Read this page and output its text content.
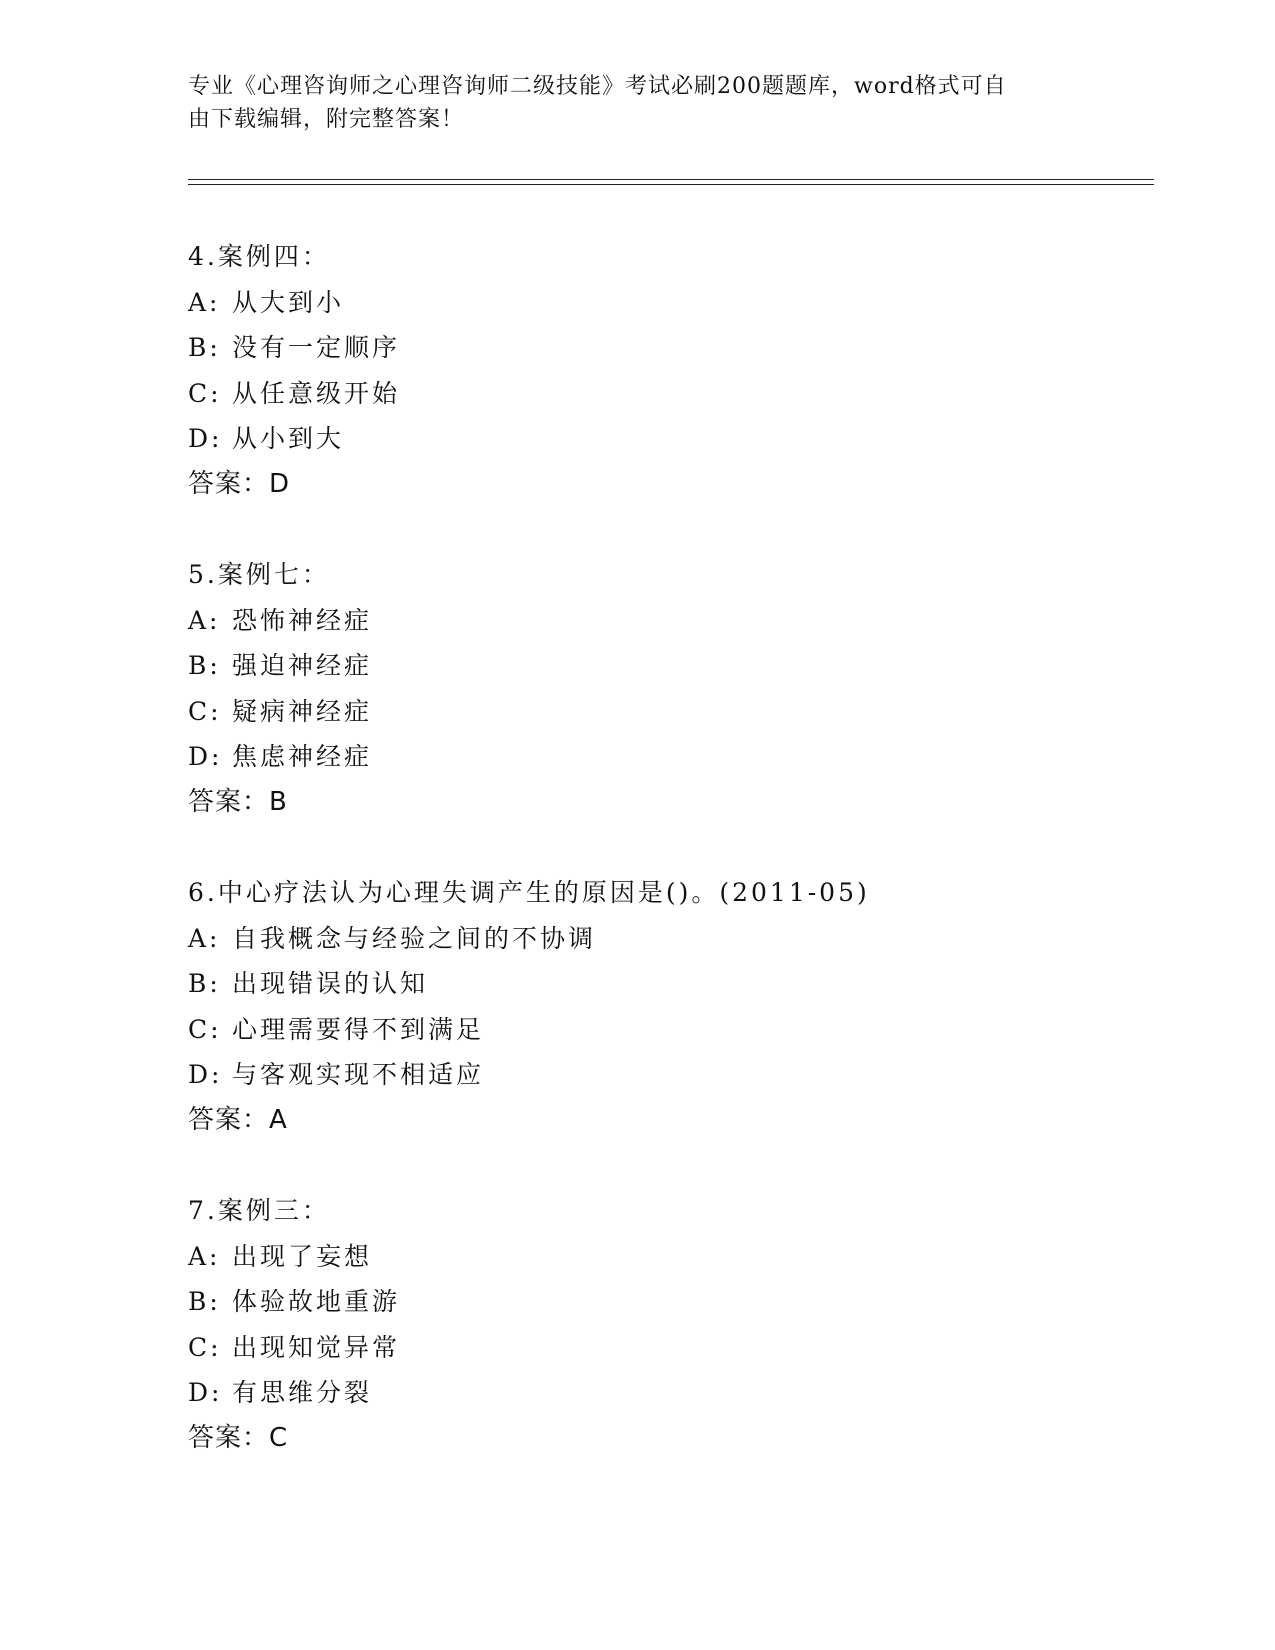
专业《心理咨询师之心理咨询师二级技能》考试必刷200题题库，word格式可自
由下载编辑，附完整答案！
4.案例四：
A: 从大到小
B: 没有一定顺序
C: 从任意级开始
D: 从小到大
答案：D
5.案例七：
A: 恐怖神经症
B: 强迫神经症
C: 疑病神经症
D: 焦虑神经症
答案：B
6.中心疗法认为心理失调产生的原因是()。(2011-05)
A: 自我概念与经验之间的不协调
B: 出现错误的认知
C: 心理需要得不到满足
D: 与客观实现不相适应
答案：A
7.案例三：
A: 出现了妄想
B: 体验故地重游
C: 出现知觉异常
D: 有思维分裂
答案：C
